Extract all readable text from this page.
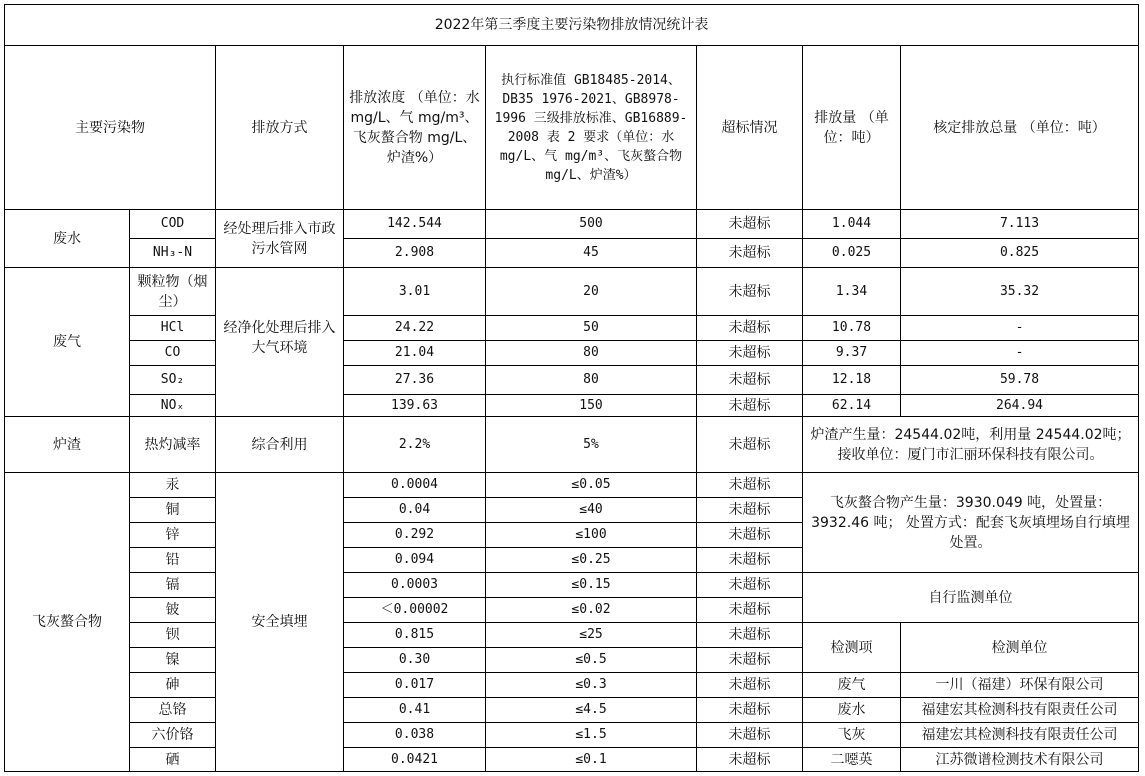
2022年第三季度主要污染物排放情况统计表							
主要污染物		排放方式	排放浓度 （单位：水 mg/L、气 mg/m³、飞灰螯合物 mg/L、炉渣%）	执行标准值 GB18485-2014、DB35 1976-2021、GB8978-1996 三级排放标准、GB16889-2008 表 2 要求（单位：水 mg/L、气 mg/m³、飞灰螯合物 mg/L、炉渣%）	超标情况	排放量 （单位：吨）	核定排放总量 （单位：吨）
废水	COD	经处理后排入市政污水管网	142.544	500	未超标	1.044	7.113
	NH₃-N		2.908	45	未超标	0.025	0.825
废气	颗粒物（烟尘）	经净化处理后排入大气环境	3.01	20	未超标	1.34	35.32
	HCl		24.22	50	未超标	10.78	-
	CO		21.04	80	未超标	9.37	-
	SO₂		27.36	80	未超标	12.18	59.78
	NOₓ		139.63	150	未超标	62.14	264.94
炉渣	热灼减率	综合利用	2.2%	5%	未超标	炉渣产生量：24544.02吨，利用量 24544.02吨；接收单位：厦门市汇丽环保科技有限公司。	
飞灰螯合物	汞	安全填埋	0.0004	≤0.05	未超标	飞灰螯合物产生量：3930.049 吨，处置量：3932.46 吨； 处置方式：配套飞灰填埋场自行填埋处置。	
	铜		0.04	≤40	未超标		
	锌		0.292	≤100	未超标		
	铅		0.094	≤0.25	未超标		
	镉		0.0003	≤0.15	未超标	自行监测单位	
	铍		＜0.00002	≤0.02	未超标		
	钡		0.815	≤25	未超标	检测项	检测单位
	镍		0.30	≤0.5	未超标		
	砷		0.017	≤0.3	未超标	废气	一川（福建）环保有限公司
	总铬		0.41	≤4.5	未超标	废水	福建宏其检测科技有限责任公司
	六价铬		0.038	≤1.5	未超标	飞灰	福建宏其检测科技有限责任公司
	硒		0.0421	≤0.1	未超标	二噁英	江苏微谱检测技术有限公司
